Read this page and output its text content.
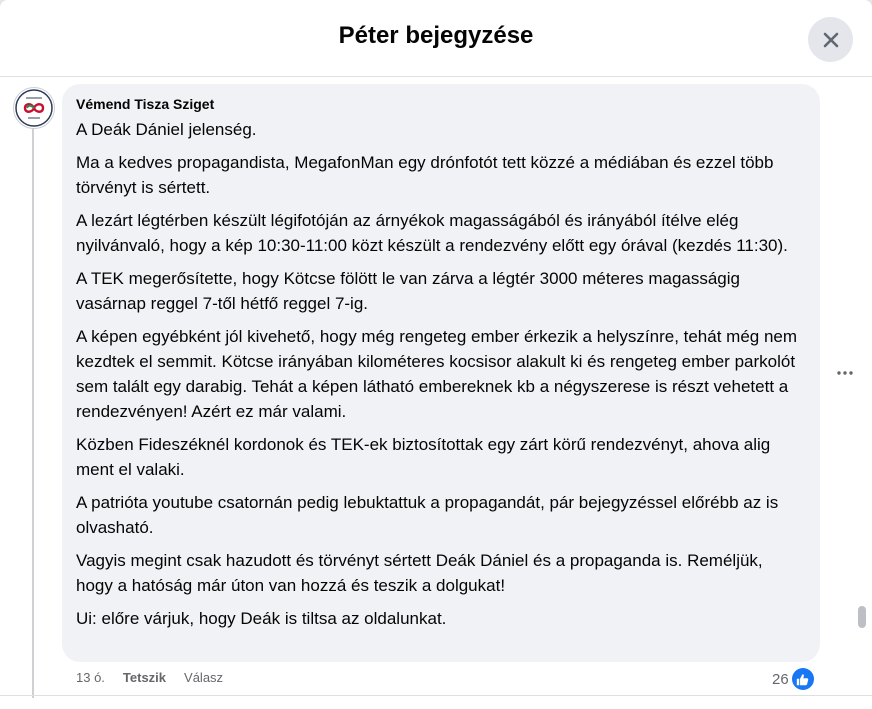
Péter bejegyzése
Vémend Tisza Sziget

A Deák Dániel jelenség.

Ma a kedves propagandista, MegafonMan egy drónfotót tett közzé a médiában és ezzel több törvényt is sértett.

A lezárt légtérben készült légifotóján az árnyékok magasságából és irányából ítélve elég nyilvánvaló, hogy a kép 10:30-11:00 közt készült a rendezvény előtt egy órával (kezdés 11:30).

A TEK megerősítette, hogy Kötcse fölött le van zárva a légtér 3000 méteres magasságig vasárnap reggel 7-től hétfő reggel 7-ig.

A képen egyébként jól kivehető, hogy még rengeteg ember érkezik a helyszínre, tehát még nem kezdtek el semmit. Kötcse irányában kilométeres kocsisor alakult ki és rengeteg ember parkolót sem talált egy darabig. Tehát a képen látható embereknek kb a négyszerese is részt vehetett a rendezvényen! Azért ez már valami.

Közben Fideszéknél kordonok és TEK-ek biztosítottak egy zárt körű rendezvényt, ahova alig ment el valaki.

A patrióta youtube csatornán pedig lebuktattuk a propagandát, pár bejegyzéssel előrébb az is olvasható.

Vagyis megint csak hazudott és törvényt sértett Deák Dániel és a propaganda is. Reméljük, hogy a hatóság már úton van hozzá és teszik a dolgukat!

Ui: előre várjuk, hogy Deák is tiltsa az oldalunkat.

13 ó. Tetszik Válasz	26
